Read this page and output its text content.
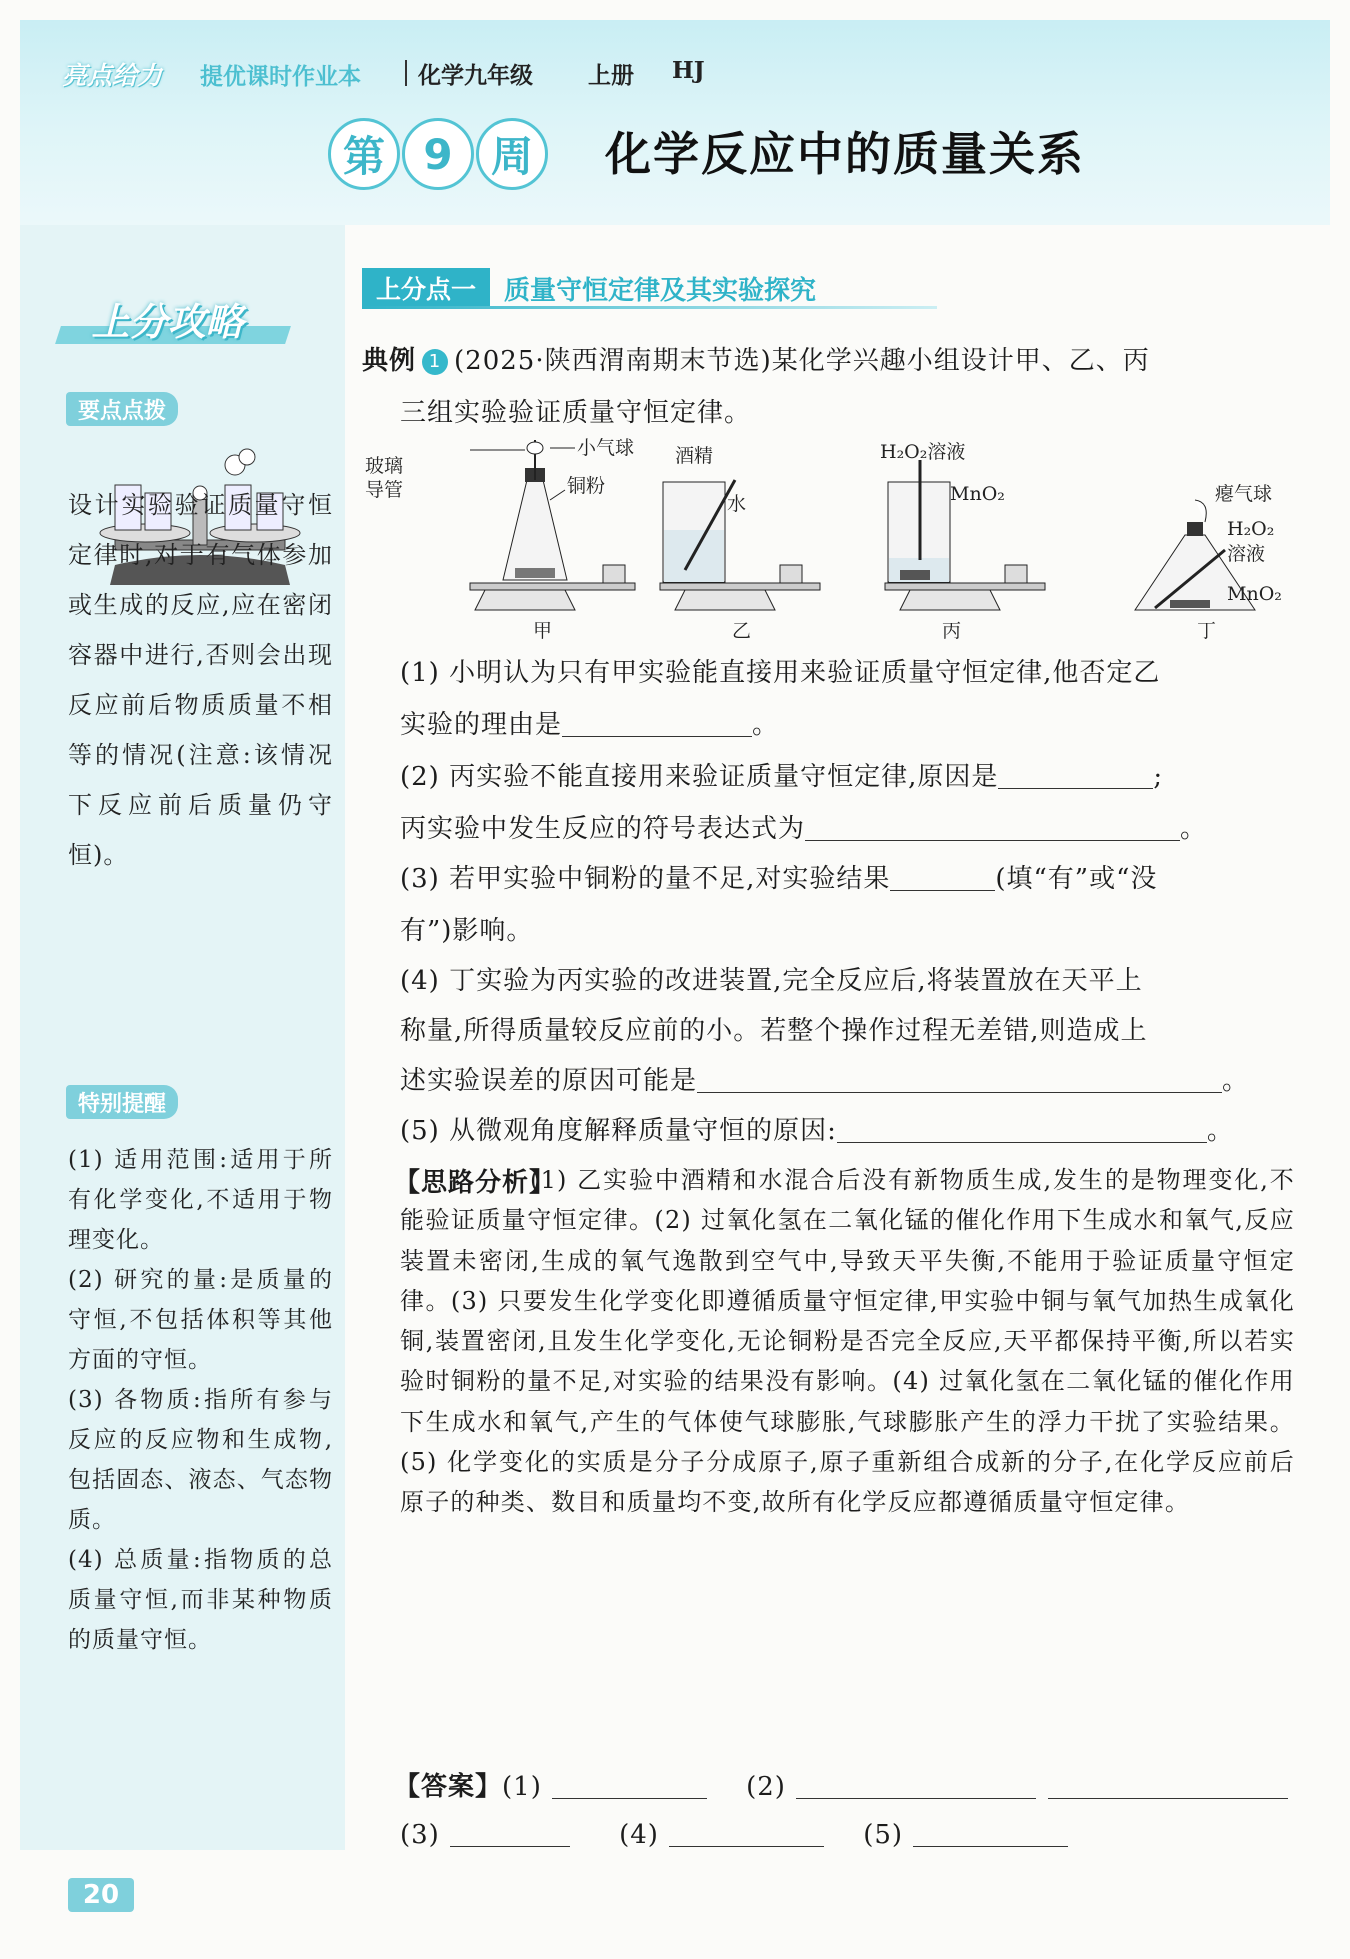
亮点给力 提优课时作业本 化学九年级 上册 HJ
第 9 周	化学反应中的质量关系
上分攻略
要点点拨
设计实验验证质量守恒定律时,对于有气体参加或生成的反应,应在密闭容器中进行,否则会出现反应前后物质质量不相等的情况(注意:该情况下反应前后质量仍守恒)。
特别提醒

(1) 适用范围:适用于所有化学变化,不适用于物理变化。

(2) 研究的量:是质量的守恒,不包括体积等其他方面的守恒。

(3) 各物质:指所有参与反应的反应物和生成物,包括固态、液态、气态物质。

(4) 总质量:指物质的总质量守恒,而非某种物质的质量守恒。

上分点一	质量守恒定律及其实验探究
典例 1 (2025·陕西渭南期末节选)某化学兴趣小组设计甲、乙、丙
三组实验验证质量守恒定律。
玻璃
导管
小气球
铜粉
甲
酒精
水
乙
H₂O₂溶液
MnO₂
丙
瘪气球
H₂O₂
溶液
MnO₂
丁
(1) 小明认为只有甲实验能直接用来验证质量守恒定律,他否定乙
实验的理由是	。
(2) 丙实验不能直接用来验证质量守恒定律,原因是	;
丙实验中发生反应的符号表达式为	。
(3) 若甲实验中铜粉的量不足,对实验结果	(填“有”或“没
有”)影响。
(4) 丁实验为丙实验的改进装置,完全反应后,将装置放在天平上
称量,所得质量较反应前的小。若整个操作过程无差错,则造成上
述实验误差的原因可能是	。
(5) 从微观角度解释质量守恒的原因:	。
【思路分析】
(1) 乙实验中酒精和水混合后没有新物质生成,发生的是物理变化,不能验证质量守恒定律。(2) 过氧化氢在二氧化锰的催化作用下生成水和氧气,反应装置未密闭,生成的氧气逸散到空气中,导致天平失衡,不能用于验证质量守恒定律。(3) 只要发生化学变化即遵循质量守恒定律,甲实验中铜与氧气加热生成氧化铜,装置密闭,且发生化学变化,无论铜粉是否完全反应,天平都保持平衡,所以若实验时铜粉的量不足,对实验的结果没有影响。(4) 过氧化氢在二氧化锰的催化作用下生成水和氧气,产生的气体使气球膨胀,气球膨胀产生的浮力干扰了实验结果。(5) 化学变化的实质是分子分成原子,原子重新组合成新的分子,在化学反应前后原子的种类、数目和质量均不变,故所有化学反应都遵循质量守恒定律。
【答案】(1)	(2)
(3)	(4)	(5)
20
